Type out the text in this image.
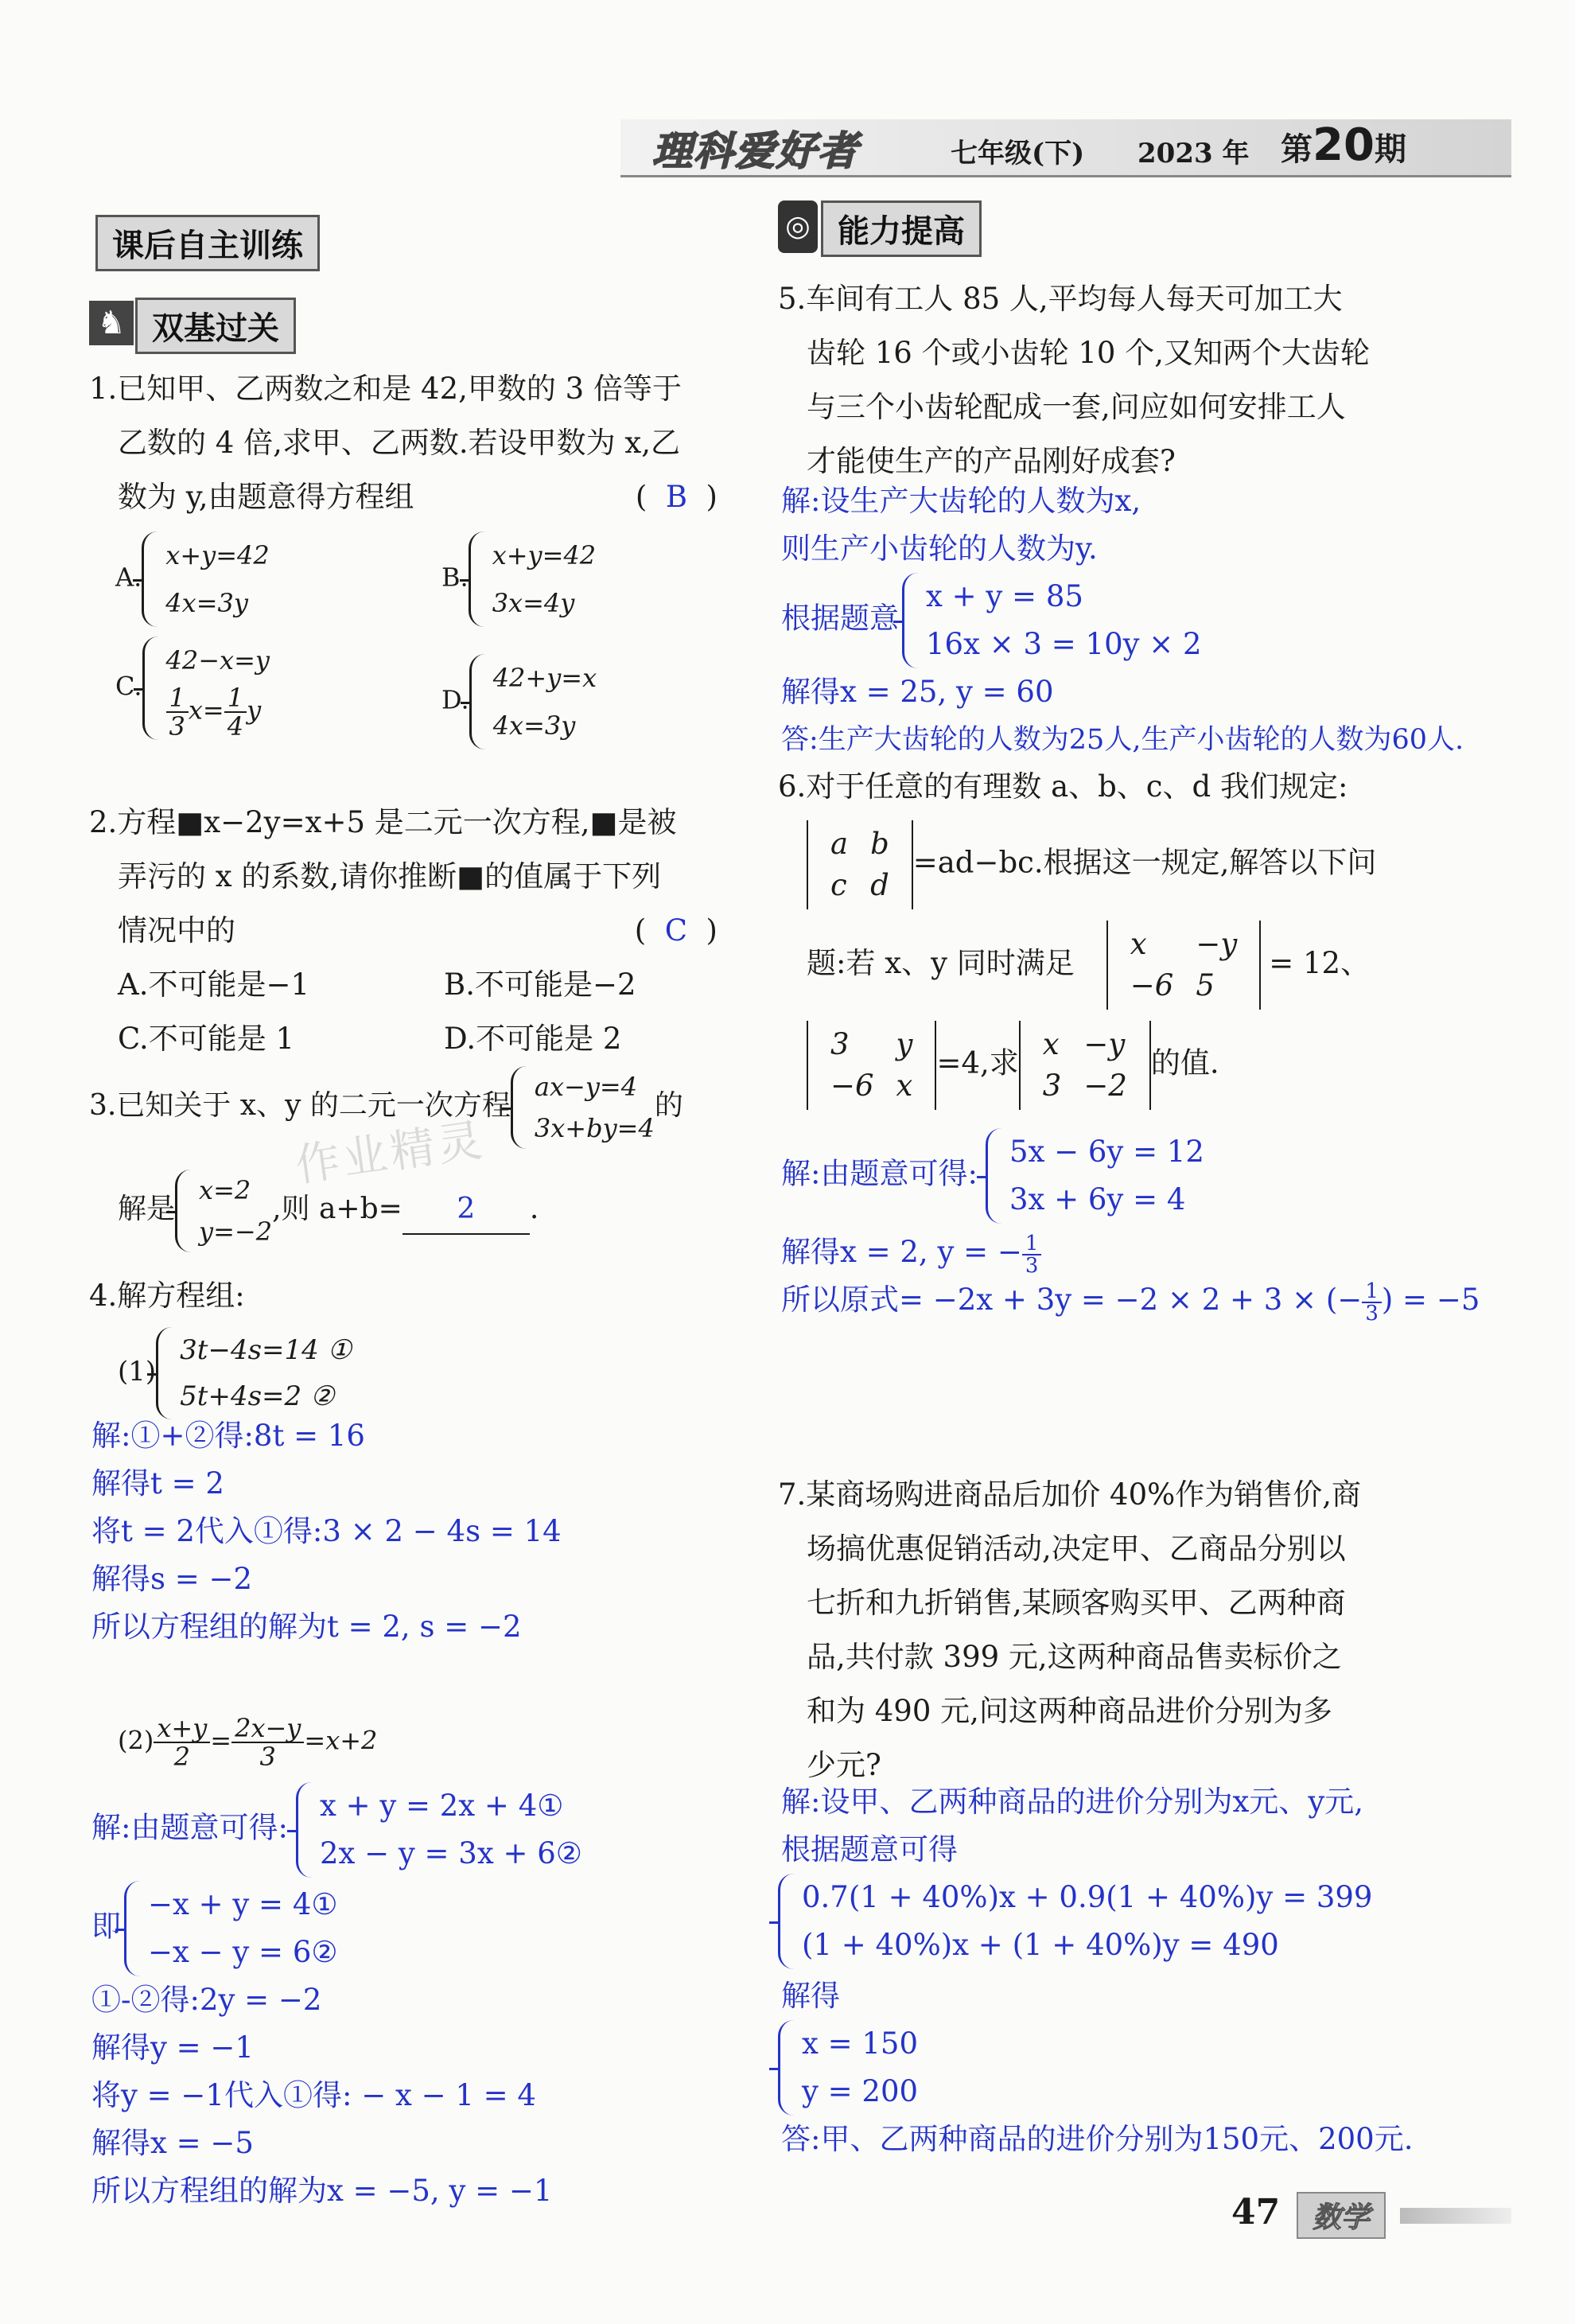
理科爱好者	七年级(下) 2023 年 第20期
课后自主训练
♞ 双基过关
1.已知甲、乙两数之和是 42,甲数的 3 倍等于
乙数的 4 倍,求甲、乙两数.若设甲数为 x,乙
数为 y,由题意得方程组	(  B  )
A.
x+y=42
4x=3y
B.
x+y=42
3x=4y
C.
42−x=y
$\frac{1}{3} x= \frac{1}{4}$ y	D.
42+y=x
4x=3y
2.方程■x−2y=x+5 是二元一次方程,■是被
弄污的 x 的系数,请你推断■的值属于下列
情况中的	(  C  )
A.不可能是−1	B.不可能是−2
C.不可能是 1	D.不可能是 2
3.已知关于 x、y 的二元一次方程
ax−y=4
3x+by=4
的
作业精灵
解是
x=2
y=−2
,则 a+b= 2 .
4.解方程组:
(1)
3t−4s=14 ①
5t+4s=2 ②
解:①+②得:8t = 16
解得t = 2
将t = 2代入①得:3 × 2 − 4s = 14
解得s = −2
所以方程组的解为t = 2, s = −2
$(2) \frac{x+y}{2} = \frac{2x-y}{3} =x+2$
解:由题意可得:
x + y = 2x + 4①
2x − y = 3x + 6②
即
−x + y = 4①
−x − y = 6②
①-②得:2y = −2
解得y = −1
将y = −1代入①得: − x − 1 = 4
解得x = −5
所以方程组的解为x = −5, y = −1
◎ 能力提高
5.车间有工人 85 人,平均每人每天可加工大
齿轮 16 个或小齿轮 10 个,又知两个大齿轮
与三个小齿轮配成一套,问应如何安排工人
才能使生产的产品刚好成套?
解:设生产大齿轮的人数为x,
则生产小齿轮的人数为y.
根据题意
x + y = 85
16x × 3 = 10y × 2
解得x = 25, y = 60
答:生产大齿轮的人数为25人,生产小齿轮的人数为60人.
6.对于任意的有理数 a、b、c、d 我们规定:
a	b
c	d
=ad−bc.根据这一规定,解答以下问
题:若 x、y 同时满足
x	−y
−6	5
= 12、
3	y
−6	x
=4,求
x	−y
3	−2
的值.
解:由题意可得:
5x − 6y = 12
3x + 6y = 4
解得x = 2, y = − $\frac{1}{3}$
所以原式= −2x + 3y = −2 × 2 + 3 × (− $\frac{1}{3}$ ) = −5
7.某商场购进商品后加价 40%作为销售价,商
场搞优惠促销活动,决定甲、乙商品分别以
七折和九折销售,某顾客购买甲、乙两种商
品,共付款 399 元,这两种商品售卖标价之
和为 490 元,问这两种商品进价分别为多
少元?
解:设甲、乙两种商品的进价分别为x元、y元,
根据题意可得
0.7(1 + 40%)x + 0.9(1 + 40%)y = 399
(1 + 40%)x + (1 + 40%)y = 490
解得
x = 150
y = 200
答:甲、乙两种商品的进价分别为150元、200元.
47	数学
